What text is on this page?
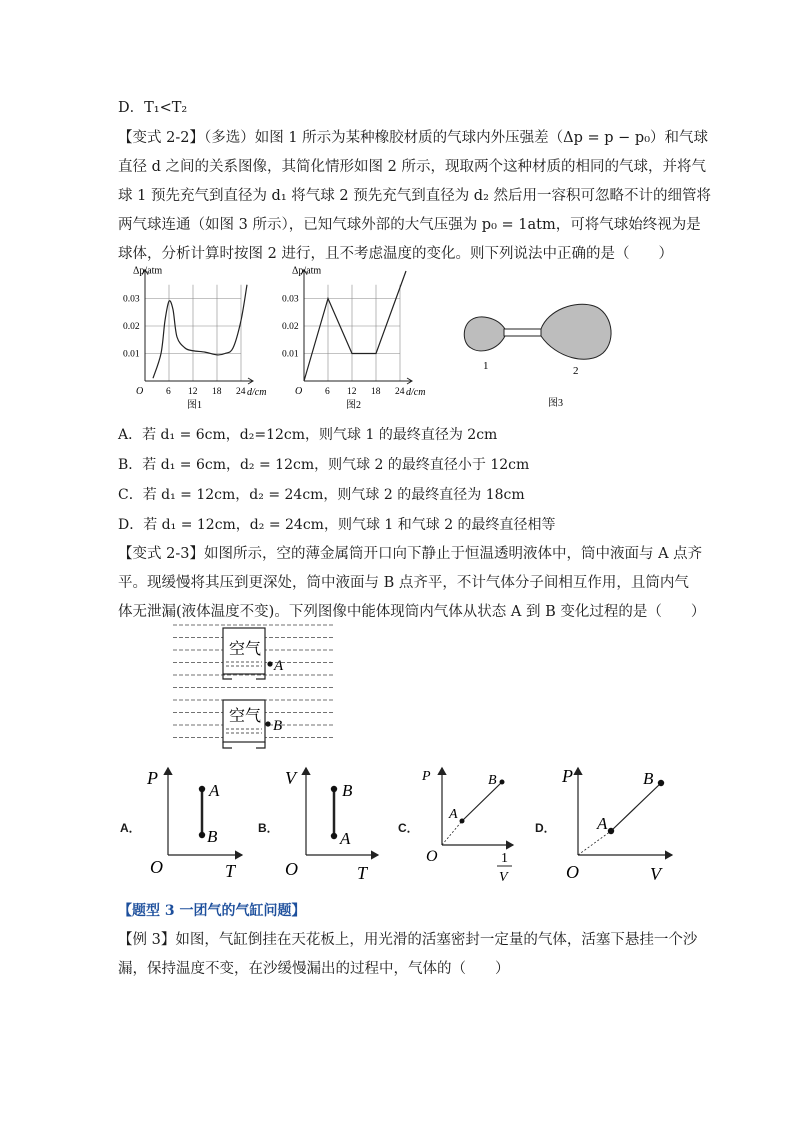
D．T₁<T₂
【变式 2-2】（多选）如图 1 所示为某种橡胶材质的气球内外压强差（Δp = p − p₀）和气球
直径 d 之间的关系图像，其简化情形如图 2 所示，现取两个这种材质的相同的气球，并将气
球 1 预先充气到直径为 d₁ 将气球 2 预先充气到直径为 d₂ 然后用一容积可忽略不计的细管将
两气球连通（如图 3 所示），已知气球外部的大气压强为 p₀ = 1atm，可将气球始终视为是
球体，分析计算时按图 2 进行，且不考虑温度的变化。则下列说法中正确的是（　　）
Δp/atm
d/cm
O
0.03
0.02
0.01
6 12 18 24
图1
Δp/atm
d/cm
O
0.03
0.02
0.01
6 12 18 24
图2
1	2
图3
A．若 d₁ = 6cm，d₂=12cm，则气球 1 的最终直径为 2cm
B．若 d₁ = 6cm，d₂ = 12cm，则气球 2 的最终直径小于 12cm
C．若 d₁ = 12cm，d₂ = 24cm，则气球 2 的最终直径为 18cm
D．若 d₁ = 12cm，d₂ = 24cm，则气球 1 和气球 2 的最终直径相等
【变式 2-3】如图所示，空的薄金属筒开口向下静止于恒温透明液体中，筒中液面与 A 点齐
平。现缓慢将其压到更深处，筒中液面与 B 点齐平，不计气体分子间相互作用，且筒内气
体无泄漏(液体温度不变)。下列图像中能体现筒内气体从状态 A 到 B 变化过程的是（　　）
空气
A
空气
B
A．	B．	C．	D．
P
T
O
A
B
V
T
O
B
A
P
O	1
V
A
B	P
V
O
A
B
【题型 3 一团气的气缸问题】
【例 3】如图，气缸倒挂在天花板上，用光滑的活塞密封一定量的气体，活塞下悬挂一个沙
漏，保持温度不变，在沙缓慢漏出的过程中，气体的（　　）
